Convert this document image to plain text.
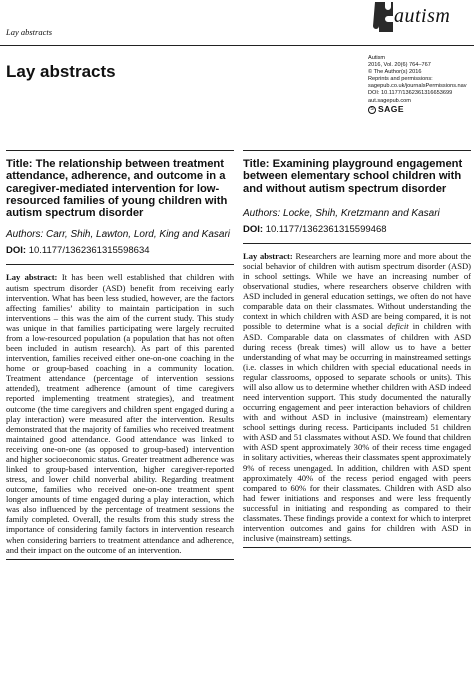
Lay abstracts
autism
Lay abstracts
Autism
2016, Vol. 20(6) 764–767
© The Author(s) 2016
Reprints and permissions:
sagepub.co.uk/journalsPermissions.nav
DOI: 10.1177/1362361316653699
aut.sagepub.com
S SAGE

Title: The relationship between treatment attendance, adherence, and outcome in a caregiver-mediated intervention for low-resourced families of young children with autism spectrum disorder

Authors: Carr, Shih, Lawton, Lord, King and Kasari
DOI: 10.1177/1362361315598634
Lay abstract: It has been well established that children with autism spectrum disorder (ASD) benefit from receiving early intervention. What has been less studied, however, are the factors affecting families’ ability to maintain participation in such interventions – this was the aim of the current study. This study was unique in that families participating were largely recruited from a low-resourced population (a population that has not often been included in autism research). As part of this parented intervention, families received either one-on-one coaching in the home or group-based coaching in a community location. Treatment attendance (percentage of intervention sessions attended), treatment adherence (amount of time caregivers reported implementing treatment strategies), and treatment outcome (the time caregivers and children spent engaged during a play interaction) were measured after the intervention. Results demonstrated that the majority of families who received treatment maintained good attendance. Good attendance was linked to receiving one-on-one (as opposed to group-based) intervention and higher socioeconomic status. Greater treatment adherence was linked to group-based intervention, higher caregiver-reported stress, and lower child nonverbal ability. Regarding treatment outcome, families who received one-on-one treatment spent longer amounts of time engaged during a play interaction, which was also influenced by the percentage of treatment sessions the family completed. Overall, the results from this study stress the importance of considering family factors in intervention research when considering barriers to treatment attendance and adherence, and their impact on the outcome of an intervention.

Title: Examining playground engagement between elementary school children with and without autism spectrum disorder

Authors: Locke, Shih, Kretzmann and Kasari
DOI: 10.1177/1362361315599468
Lay abstract: Researchers are learning more and more about the social behavior of children with autism spectrum disorder (ASD) in school settings. While we have an increasing number of observational studies, where researchers observe children with ASD included in general education settings, we often do not have comparable data on their classmates. Without understanding the context in which children with ASD are being compared, it is not possible to determine what is a social deficit in children with ASD. Comparable data on classmates of children with ASD during recess (break times) will allow us to have a better understanding of what may be occurring in mainstreamed settings (i.e. classes in which children with special educational needs in regular classrooms, opposed to separate schools or units). This will also allow us to determine whether children with ASD indeed need intervention support. This study documented the naturally occurring engagement and peer interaction behaviors of children with and without ASD in inclusive (mainstream) elementary school settings during recess. Participants included 51 children with ASD and 51 classmates without ASD. We found that children with ASD spent approximately 30% of their recess time engaged in solitary activities, whereas their classmates spent approximately 9% of recess unengaged. In addition, children with ASD spent approximately 40% of the recess period engaged with peers compared to 60% for their classmates. Children with ASD also had fewer initiations and responses and were less frequently successful in initiating and responding as compared to their classmates. These findings provide a context for which to interpret intervention outcomes and gains for children with ASD in inclusive (mainstream) settings.
